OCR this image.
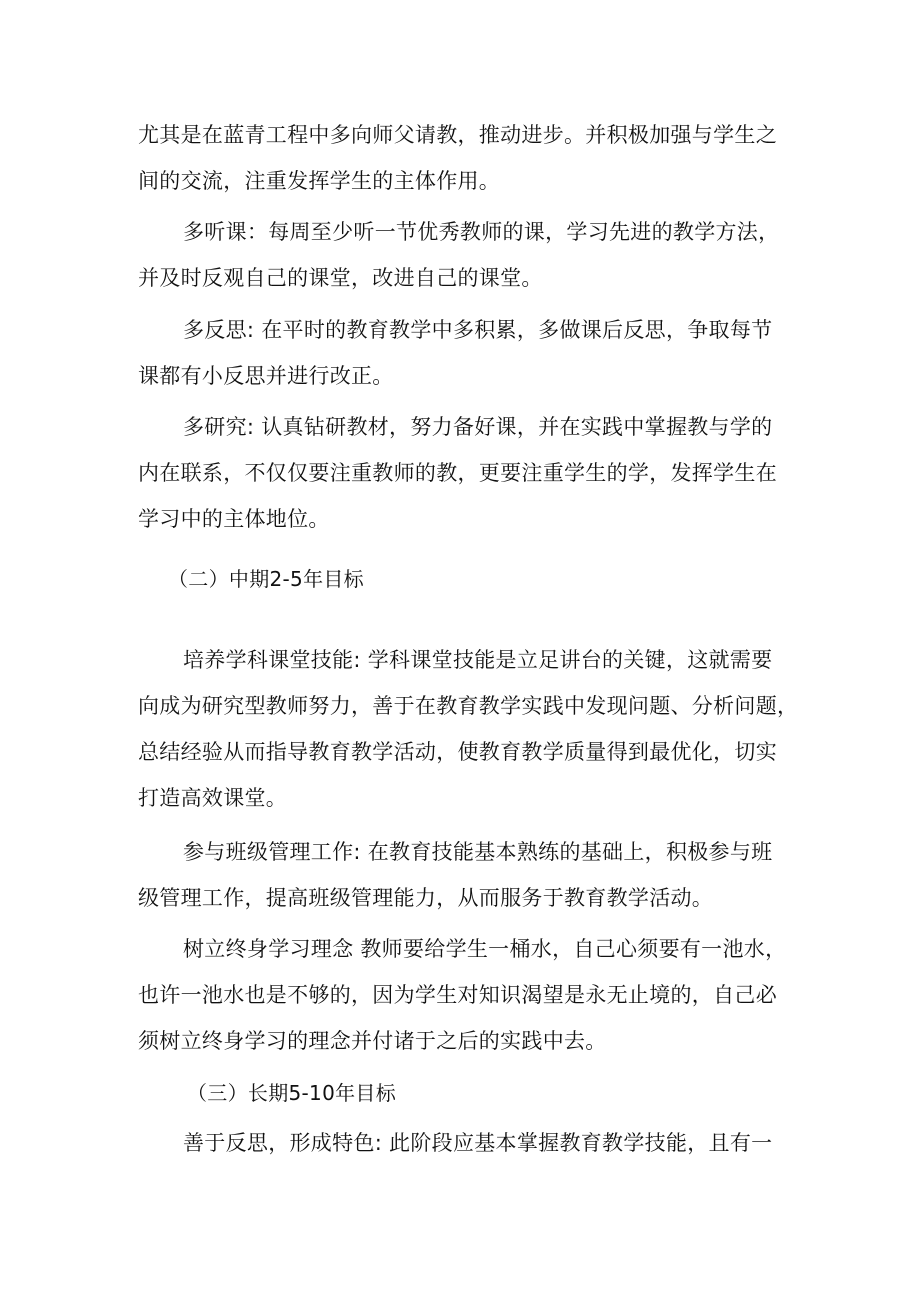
尤其是在蓝青工程中多向师父请教，推动进步。并积极加强与学生之
间的交流，注重发挥学生的主体作用。
多听课：每周至少听一节优秀教师的课，学习先进的教学方法，
并及时反观自己的课堂，改进自己的课堂。
多反思: 在平时的教育教学中多积累，多做课后反思，争取每节
课都有小反思并进行改正。
多研究: 认真钻研教材，努力备好课，并在实践中掌握教与学的
内在联系，不仅仅要注重教师的教，更要注重学生的学，发挥学生在
学习中的主体地位。
（二）中期2-5年目标
培养学科课堂技能: 学科课堂技能是立足讲台的关键，这就需要
向成为研究型教师努力，善于在教育教学实践中发现问题、分析问题，
总结经验从而指导教育教学活动，使教育教学质量得到最优化，切实
打造高效课堂。
参与班级管理工作: 在教育技能基本熟练的基础上，积极参与班
级管理工作，提高班级管理能力，从而服务于教育教学活动。
树立终身学习理念 教师要给学生一桶水，自己心须要有一池水，
也许一池水也是不够的，因为学生对知识渴望是永无止境的，自己必
须树立终身学习的理念并付诸于之后的实践中去。
（三）长期5-10年目标
善于反思，形成特色: 此阶段应基本掌握教育教学技能，且有一
